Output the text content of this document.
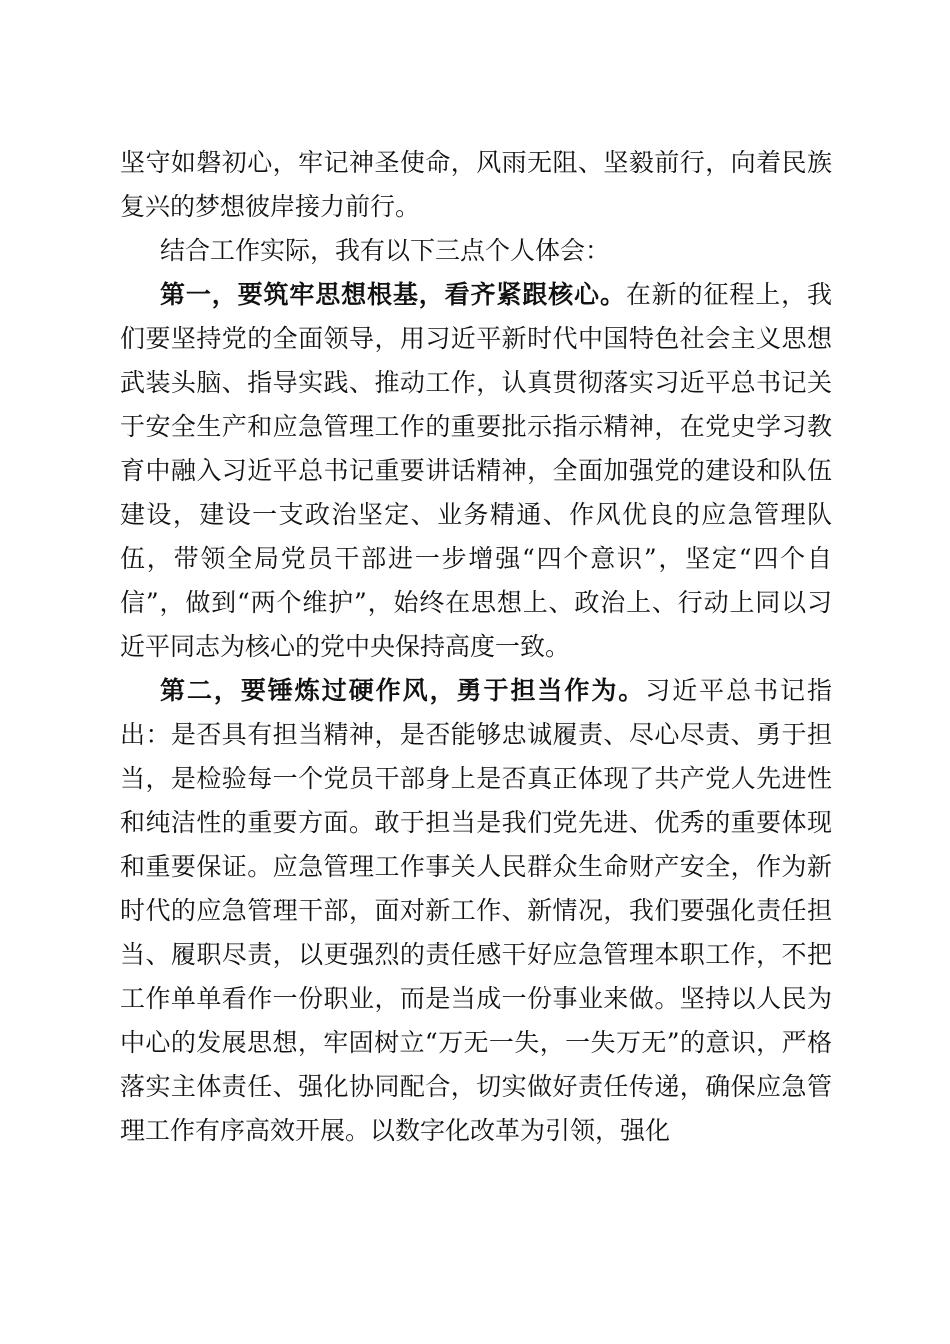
坚守如磐初心，牢记神圣使命，风雨无阻、坚毅前行，向着民族复兴的梦想彼岸接力前行。

结合工作实际，我有以下三点个人体会：

第一，要筑牢思想根基，看齐紧跟核心。在新的征程上，我们要坚持党的全面领导，用习近平新时代中国特色社会主义思想武装头脑、指导实践、推动工作，认真贯彻落实习近平总书记关于安全生产和应急管理工作的重要批示指示精神，在党史学习教育中融入习近平总书记重要讲话精神，全面加强党的建设和队伍建设，建设一支政治坚定、业务精通、作风优良的应急管理队伍，带领全局党员干部进一步增强“四个意识”，坚定“四个自信”，做到“两个维护”，始终在思想上、政治上、行动上同以习近平同志为核心的党中央保持高度一致。

第二，要锤炼过硬作风，勇于担当作为。习近平总书记指出：是否具有担当精神，是否能够忠诚履责、尽心尽责、勇于担当，是检验每一个党员干部身上是否真正体现了共产党人先进性和纯洁性的重要方面。敢于担当是我们党先进、优秀的重要体现和重要保证。应急管理工作事关人民群众生命财产安全，作为新时代的应急管理干部，面对新工作、新情况，我们要强化责任担当、履职尽责，以更强烈的责任感干好应急管理本职工作，不把工作单单看作一份职业，而是当成一份事业来做。坚持以人民为中心的发展思想，牢固树立“万无一失，一失万无”的意识，严格落实主体责任、强化协同配合，切实做好责任传递，确保应急管理工作有序高效开展。以数字化改革为引领，强化
